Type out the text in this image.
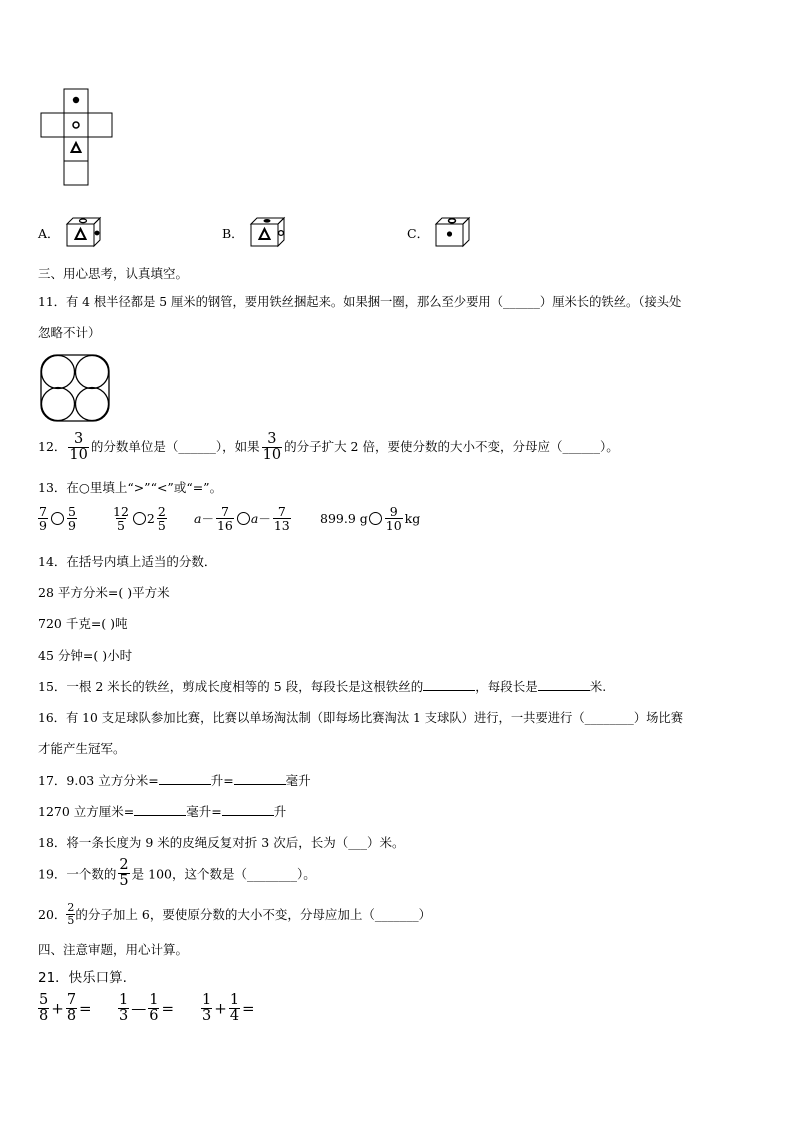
A．	B．	C．
三、用心思考，认真填空。
11．有 4 根半径都是 5 厘米的钢管，要用铁丝捆起来。如果捆一圈，那么至少要用（______）厘米长的铁丝。（接头处
忽略不计）
12． $\frac{3}{10}$ 的分数单位是（______），如果 $\frac{3}{10}$ 的分子扩大 2 倍，要使分数的大小不变，分母应（______）。
13．在○里填上“>”“<”或“=”。
$\frac{7}{9} \frac{5}{9}$	$\frac{12}{5} 2 \frac{2}{5} a- \frac{7}{16} a- \frac{7}{13} 899.9$ g $\frac{9}{10}$ kg
14．在括号内填上适当的分数．
28 平方分米=( )平方米
720 千克=( )吨
45 分钟=( )小时
15．一根 2 米长的铁丝，剪成长度相等的 5 段，每段长是这根铁丝的	，每段长是	米.
16．有 10 支足球队参加比赛，比赛以单场淘汰制（即每场比赛淘汰 1 支球队）进行，一共要进行（________）场比赛
才能产生冠军。
17．9.03 立方分米=	升=	毫升
1270 立方厘米=	毫升=	升
18．将一条长度为 9 米的皮绳反复对折 3 次后，长为（___）米。
19．一个数的 $\frac{2}{5}$ 是 100，这个数是（________）。
20． $\frac{2}{5}$ 的分子加上 6，要使原分数的大小不变，分母应加上（_______）
四、注意审题，用心计算。
21．快乐口算.
$\frac{5}{8} + \frac{7}{8} = \frac{1}{3}$ — $\frac{1}{6} = \frac{1}{3} + \frac{1}{4}$ =
